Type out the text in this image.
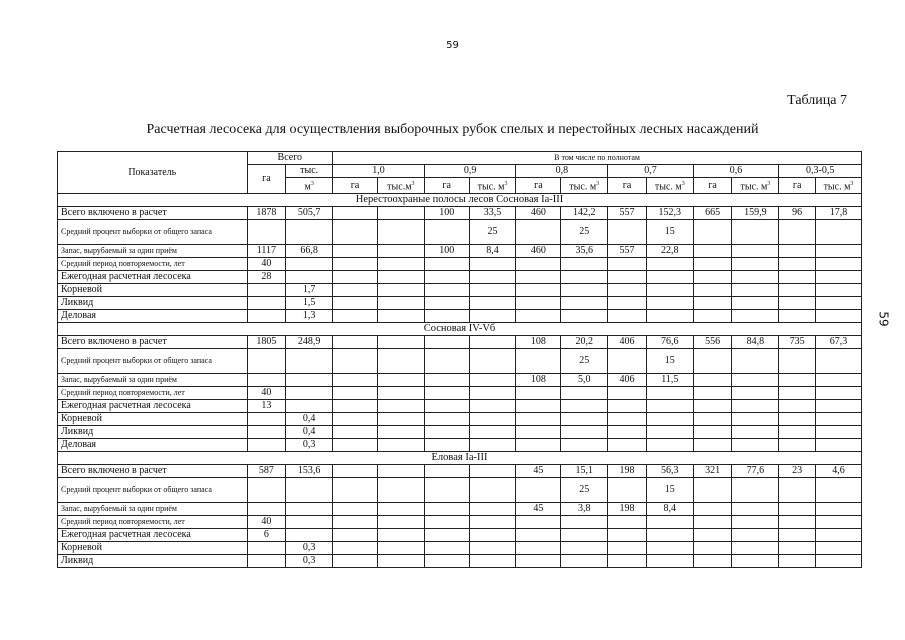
59
59
Таблица 7
Расчетная лесосека для осуществления выборочных рубок спелых и перестойных лесных насаждений
Показатель	Всего		В том числе по полнотам											
	га	тыс.	1,0		0,9		0,8		0,7		0,6		0,3-0,5	
		$м^3$	га	$тыс.м^3$	га	тыс. $м^3$	га	тыс. $м^3$	га	тыс. $м^3$	га	тыс. $м^3$	га	тыс. $м^3$
Нерестоохраные полосы лесов Сосновая Iа-III														
Всего включено в расчет	1878	505,7			100	33,5	460	142,2	557	152,3	665	159,9	96	17,8
Средний процент выборки от общего запаса						25		25		15				
Запас, вырубаемый за один приём	1117	66,8			100	8,4	460	35,6	557	22,8				
Средний период повторяемости, лет	40													
Ежегодная расчетная лесосека	28													
Корневой		1,7												
Ликвид		1,5												
Деловая		1,3												
Сосновая IV-Vб														
Всего включено в расчет	1805	248,9					108	20,2	406	76,6	556	84,8	735	67,3
Средний процент выборки от общего запаса								25		15				
Запас, вырубаемый за один приём							108	5,0	406	11,5				
Средний период повторяемости, лет	40													
Ежегодная расчетная лесосека	13													
Корневой		0,4												
Ликвид		0,4												
Деловая		0,3												
Еловая Iа-III														
Всего включено в расчет	587	153,6					45	15,1	198	56,3	321	77,6	23	4,6
Средний процент выборки от общего запаса								25		15				
Запас, вырубаемый за один приём							45	3,8	198	8,4				
Средний период повторяемости, лет	40													
Ежегодная расчетная лесосека	6													
Корневой		0,3												
Ликвид		0,3												
